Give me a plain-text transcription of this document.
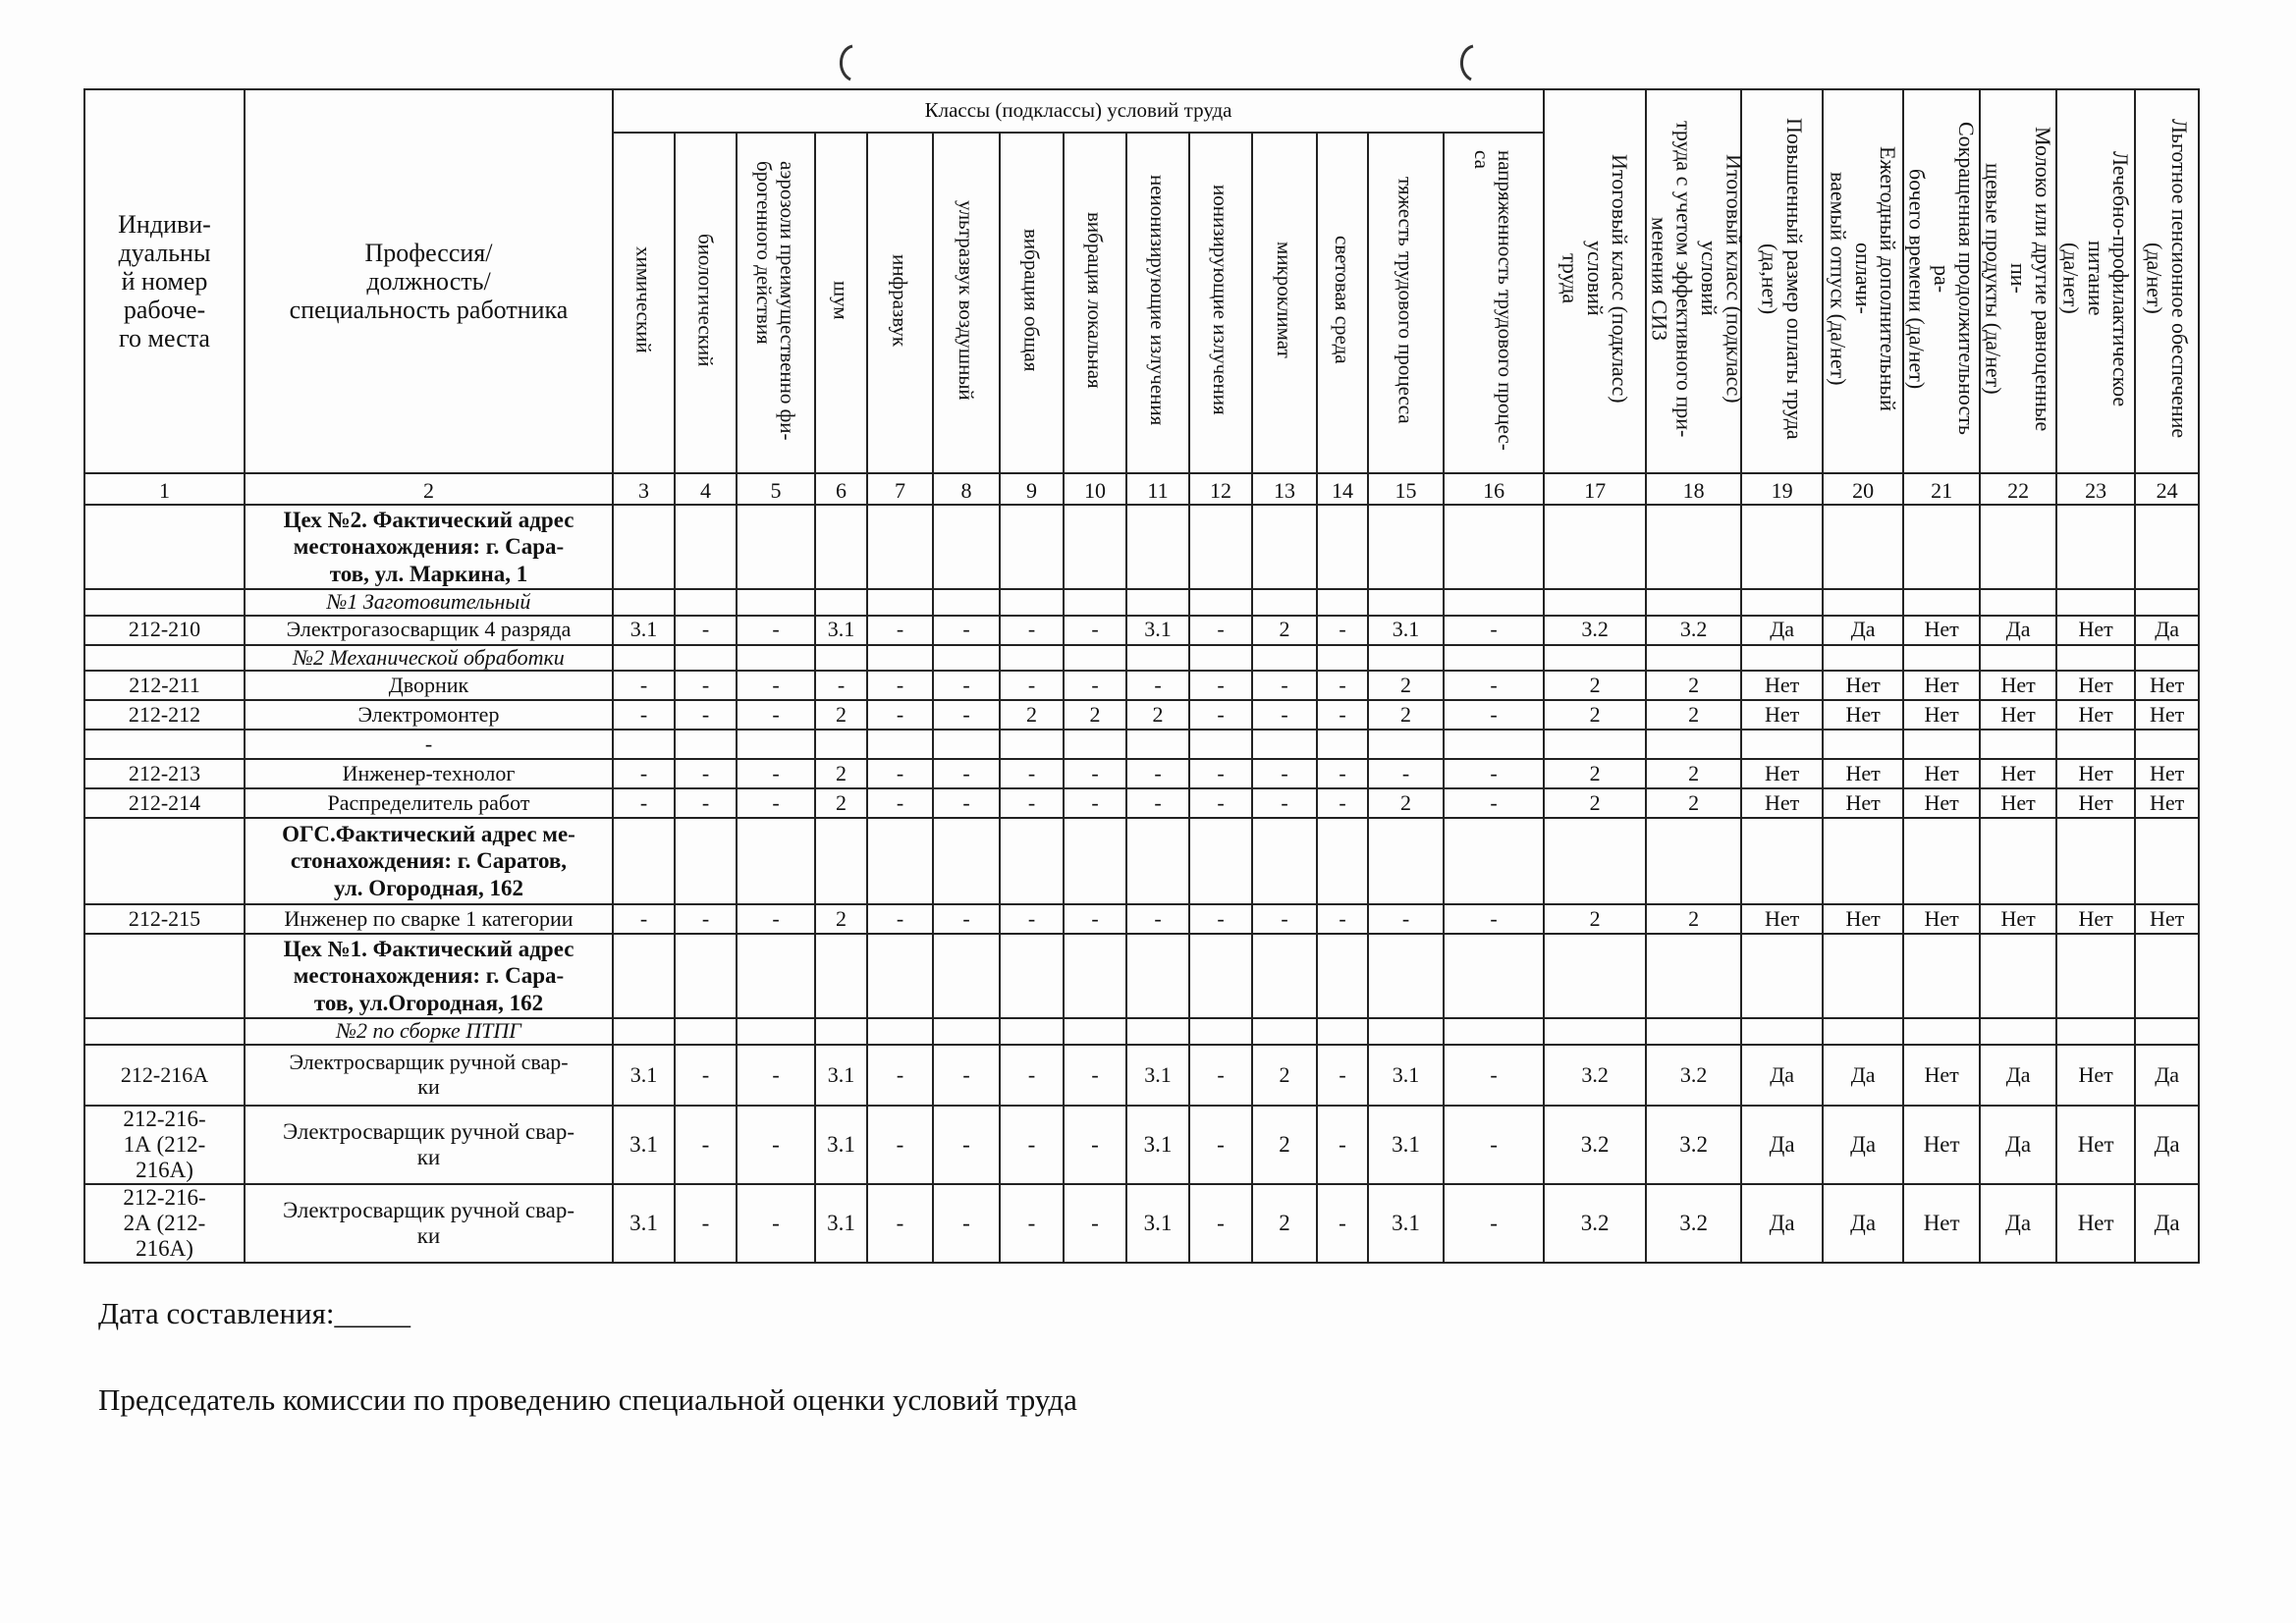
Индиви-
дуальны
й номер
рабоче-
го места	Профессия/
должность/
специальность работника	Классы (подклассы) условий труда														Итоговый класс (подкласс) условий
труда	Итоговый класс (подкласс) условий
труда с учетом эффективного при-
менения СИЗ	Повышенный размер оплаты труда
(да,нет)	Ежегодный дополнительный оплачи-
ваемый отпуск (да/нет)	Сокращенная продолжительность ра-
бочего времени (да/нет)	Молоко или другие равноценные пи-
щевые продукты (да/нет)	Лечебно-профилактическое питание
(да/нет)	Льготное пенсионное обеспечение
(да/нет)
		химический	биологический	аэрозоли преимущественно фи-
брогенного действия	шум	инфразвук	ультразвук воздушный	вибрация общая	вибрация локальная	неионизирующие излучения	ионизирующие излучения	микроклимат	световая среда	тяжесть трудового процесса	напряженность трудового процес-
са								
1	2	3	4	5	6	7	8	9	10	11	12	13	14	15	16	17	18	19	20	21	22	23	24
	Цех №2. Фактический адрес местонахождения: г. Сара-
тов, ул. Маркина, 1																						
	№1 Заготовительный																						
212-210	Электрогазосварщик 4 разряда	3.1	-	-	3.1	-	-	-	-	3.1	-	2	-	3.1	-	3.2	3.2	Да	Да	Нет	Да	Нет	Да
	№2 Механической обработки																						
212-211	Дворник	-	-	-	-	-	-	-	-	-	-	-	-	2	-	2	2	Нет	Нет	Нет	Нет	Нет	Нет
212-212	Электромонтер	-	-	-	2	-	-	2	2	2	-	-	-	2	-	2	2	Нет	Нет	Нет	Нет	Нет	Нет
	-																						
212-213	Инженер-технолог	-	-	-	2	-	-	-	-	-	-	-	-	-	-	2	2	Нет	Нет	Нет	Нет	Нет	Нет
212-214	Распределитель работ	-	-	-	2	-	-	-	-	-	-	-	-	2	-	2	2	Нет	Нет	Нет	Нет	Нет	Нет
	ОГС.Фактический адрес ме-
стонахождения: г. Саратов,
ул. Огородная, 162																						
212-215	Инженер по сварке 1 категории	-	-	-	2	-	-	-	-	-	-	-	-	-	-	2	2	Нет	Нет	Нет	Нет	Нет	Нет
	Цех №1. Фактический адрес местонахождения: г. Сара-
тов, ул.Огородная, 162																						
	№2 по сборке ПТПГ																						
212-216А	Электросварщик ручной свар-
ки	3.1	-	-	3.1	-	-	-	-	3.1	-	2	-	3.1	-	3.2	3.2	Да	Да	Нет	Да	Нет	Да
212-216-
1А (212-
216А)	Электросварщик ручной свар-
ки	3.1	-	-	3.1	-	-	-	-	3.1	-	2	-	3.1	-	3.2	3.2	Да	Да	Нет	Да	Нет	Да
212-216-
2А (212-
216А)	Электросварщик ручной свар-
ки	3.1	-	-	3.1	-	-	-	-	3.1	-	2	-	3.1	-	3.2	3.2	Да	Да	Нет	Да	Нет	Да
Дата составления:_____
Председатель комиссии по проведению специальной оценки условий труда
